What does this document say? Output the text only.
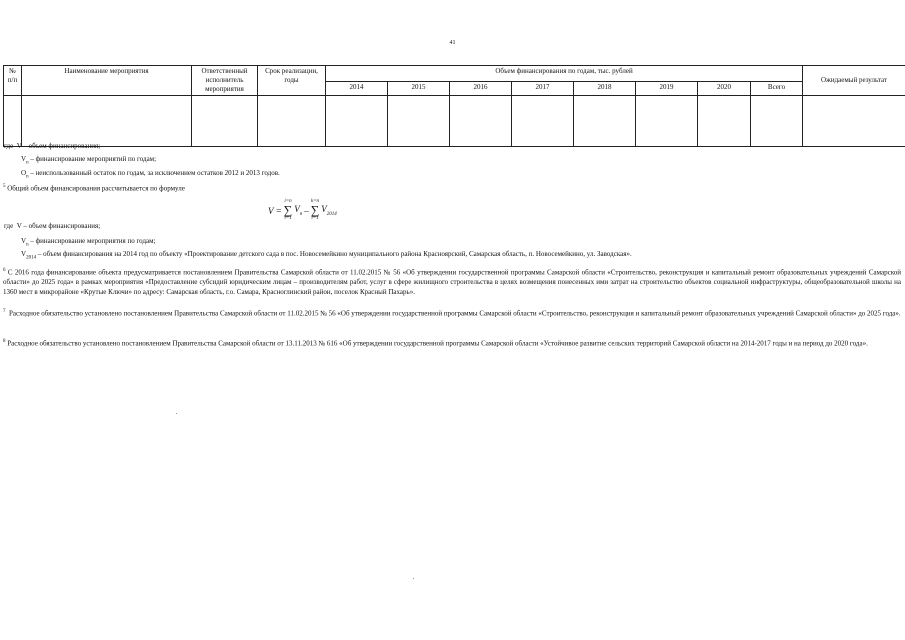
41
№ п/п	Наименование мероприятия	Ответственный исполнитель мероприятия	Срок реализации, годы	Объем финансирования по годам, тыс. рублей								Ожидаемый результат
				2014	2015	2016	2017	2018	2019	2020	Всего	

где V – объем финансирования;
$V_n$ – финансирование мероприятий по годам;
$O_n$ – неиспользованный остаток по годам, за исключением остатков 2012 и 2013 годов.
$^5$ Общий объем финансирования рассчитывается по формуле
V =
i=n
∑
i=1
$V_n$ –
k=n
∑
i=1
$V_{2014}$
где V – объем финансирования;
$V_n$ – финансирование мероприятия по годам;
$V_{2014}$ – объем финансирования на 2014 год по объекту «Проектирование детского сада в пос. Новосемейкино муниципального района Красноярский, Самарская область, п. Новосемейкино, ул. Заводская».
$^6$ С 2016 года финансирование объекта предусматривается постановлением Правительства Самарской области от 11.02.2015 № 56 «Об утверждении государственной программы Самарской области «Строительство, реконструкция и капитальный ремонт образовательных учреждений Самарской области» до 2025 года» в рамках мероприятия «Предоставление субсидий юридическим лицам – производителям работ, услуг в сфере жилищного строительства в целях возмещения понесенных ими затрат на строительство объектов социальной инфраструктуры, общеобразовательной школы на 1360 мест в микрорайоне «Крутые Ключи» по адресу: Самарская область, г.о. Самара, Красноглинский район, поселок Красный Пахарь».
$^7$ Расходное обязательство установлено постановлением Правительства Самарской области от 11.02.2015 № 56 «Об утверждении государственной программы Самарской области «Строительство, реконструкция и капитальный ремонт образовательных учреждений Самарской области» до 2025 года».
$^8$ Расходное обязательство установлено постановлением Правительства Самарской области от 13.11.2013 № 616 «Об утверждении государственной программы Самарской области «Устойчивое развитие сельских территорий Самарской области на 2014-2017 годы и на период до 2020 года».
